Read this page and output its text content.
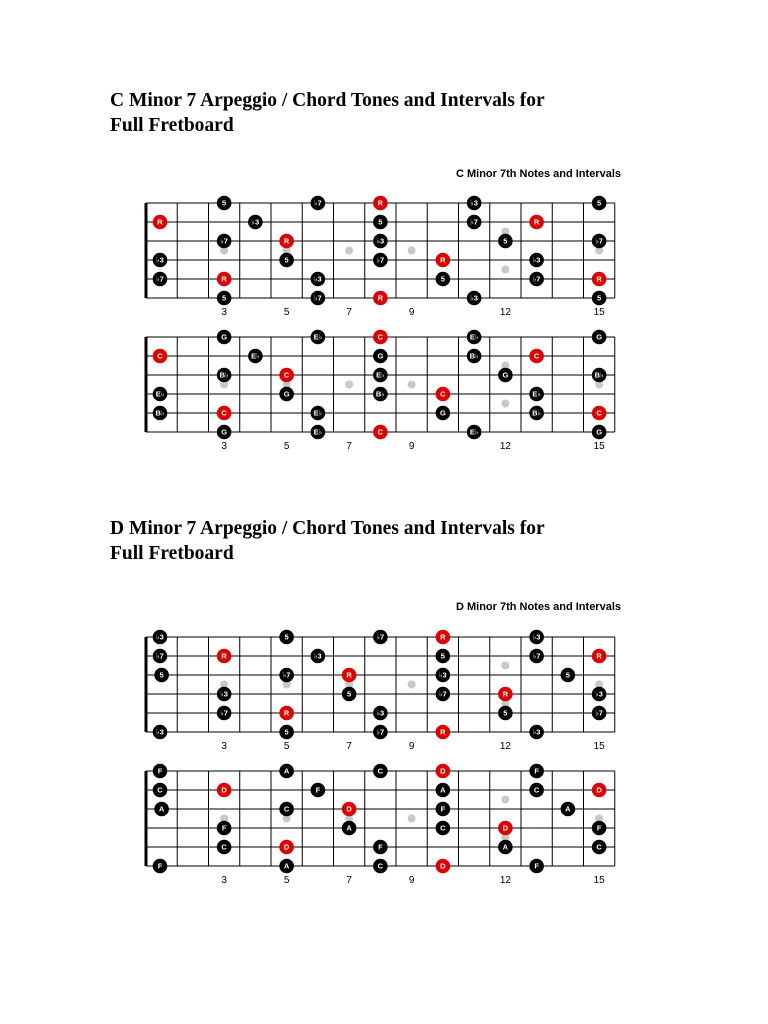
C Minor 7 Arpeggio / Chord Tones and Intervals for
Full Fretboard
C Minor 7th Notes and Intervals
5	♭7	R	♭3	5
R	♭3	5	♭7	R
♭7	R	♭3	5	♭7
♭3	5	♭7	R	♭3
♭7	R	♭3	5	♭7	R
5	♭7	R	♭3	5
3	5	7	9	12	15
G	E♭	C	E♭	G
C	E♭	G	B♭	C
B♭	C	E♭	G	B♭
E♭	G	B♭	C	E♭
B♭	C	E♭	G	B♭	C
G	E♭	C	E♭	G
3	5	7	9	12	15
D Minor 7 Arpeggio / Chord Tones and Intervals for
Full Fretboard
D Minor 7th Notes and Intervals
♭3	5	♭7	R	♭3
♭7	R	♭3	5	♭7	R
5	♭7	R	♭3	5
♭3	5	♭7	R	♭3
♭7	R	♭3	5	♭7
♭3	5	♭7	R	♭3
3	5	7	9	12	15
F	A	C	D	F
C	D	F	A	C	D
A	C	D	F	A
F	A	C	D	F
C	D	F	A	C
F	A	C	D	F
3	5	7	9	12	15
